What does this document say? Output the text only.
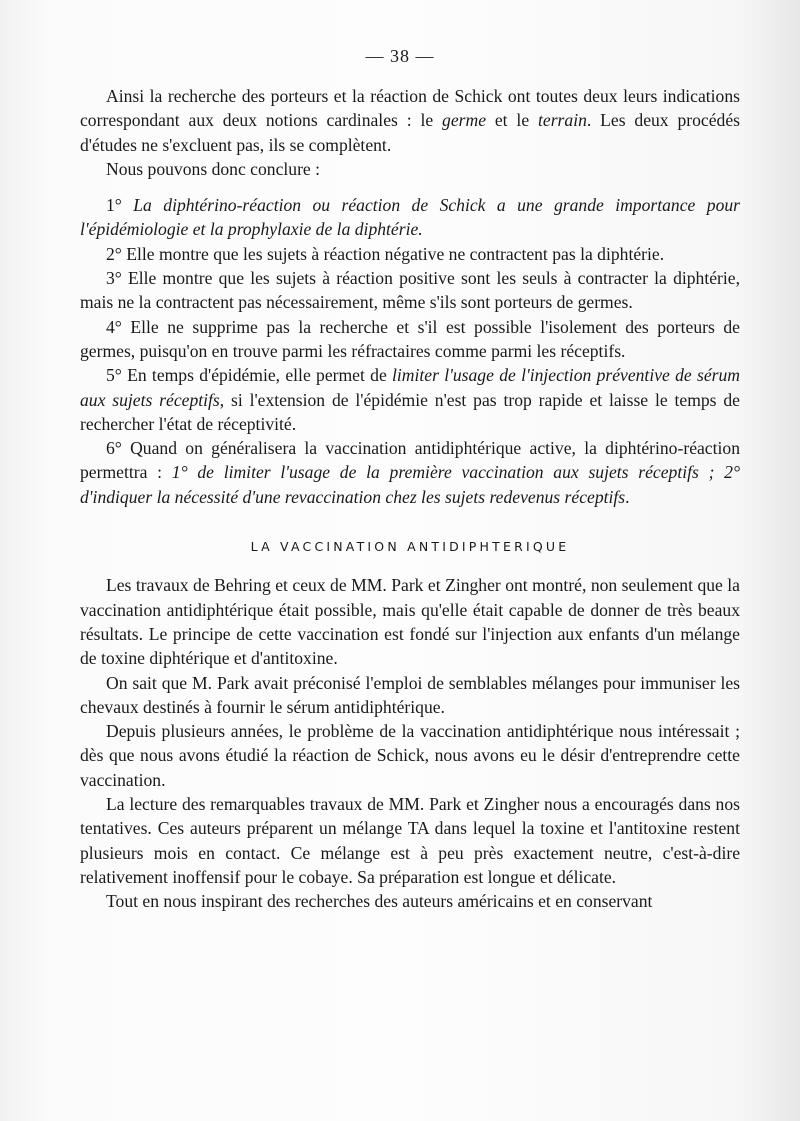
— 38 —

Ainsi la recherche des porteurs et la réaction de Schick ont toutes deux leurs indications correspondant aux deux notions cardinales : le germe et le terrain. Les deux procédés d'études ne s'excluent pas, ils se complètent.

Nous pouvons donc conclure :

1° La diphtérino-réaction ou réaction de Schick a une grande importance pour l'épidémiologie et la prophylaxie de la diphtérie.

2° Elle montre que les sujets à réaction négative ne contractent pas la diphtérie.

3° Elle montre que les sujets à réaction positive sont les seuls à contracter la diphtérie, mais ne la contractent pas nécessairement, même s'ils sont porteurs de germes.

4° Elle ne supprime pas la recherche et s'il est possible l'isolement des porteurs de germes, puisqu'on en trouve parmi les réfractaires comme parmi les réceptifs.

5° En temps d'épidémie, elle permet de limiter l'usage de l'injection préventive de sérum aux sujets réceptifs, si l'extension de l'épidémie n'est pas trop rapide et laisse le temps de rechercher l'état de réceptivité.

6° Quand on généralisera la vaccination antidiphtérique active, la diphtérino-réaction permettra : 1° de limiter l'usage de la première vaccination aux sujets réceptifs ; 2° d'indiquer la nécessité d'une revaccination chez les sujets redevenus réceptifs.

LA VACCINATION ANTIDIPHTERIQUE

Les travaux de Behring et ceux de MM. Park et Zingher ont montré, non seulement que la vaccination antidiphtérique était possible, mais qu'elle était capable de donner de très beaux résultats. Le principe de cette vaccination est fondé sur l'injection aux enfants d'un mélange de toxine diphtérique et d'antitoxine.

On sait que M. Park avait préconisé l'emploi de semblables mélanges pour immuniser les chevaux destinés à fournir le sérum antidiphtérique.

Depuis plusieurs années, le problème de la vaccination antidiphtérique nous intéressait ; dès que nous avons étudié la réaction de Schick, nous avons eu le désir d'entreprendre cette vaccination.

La lecture des remarquables travaux de MM. Park et Zingher nous a encouragés dans nos tentatives. Ces auteurs préparent un mélange TA dans lequel la toxine et l'antitoxine restent plusieurs mois en contact. Ce mélange est à peu près exactement neutre, c'est-à-dire relativement inoffensif pour le cobaye. Sa préparation est longue et délicate.

Tout en nous inspirant des recherches des auteurs américains et en conservant
